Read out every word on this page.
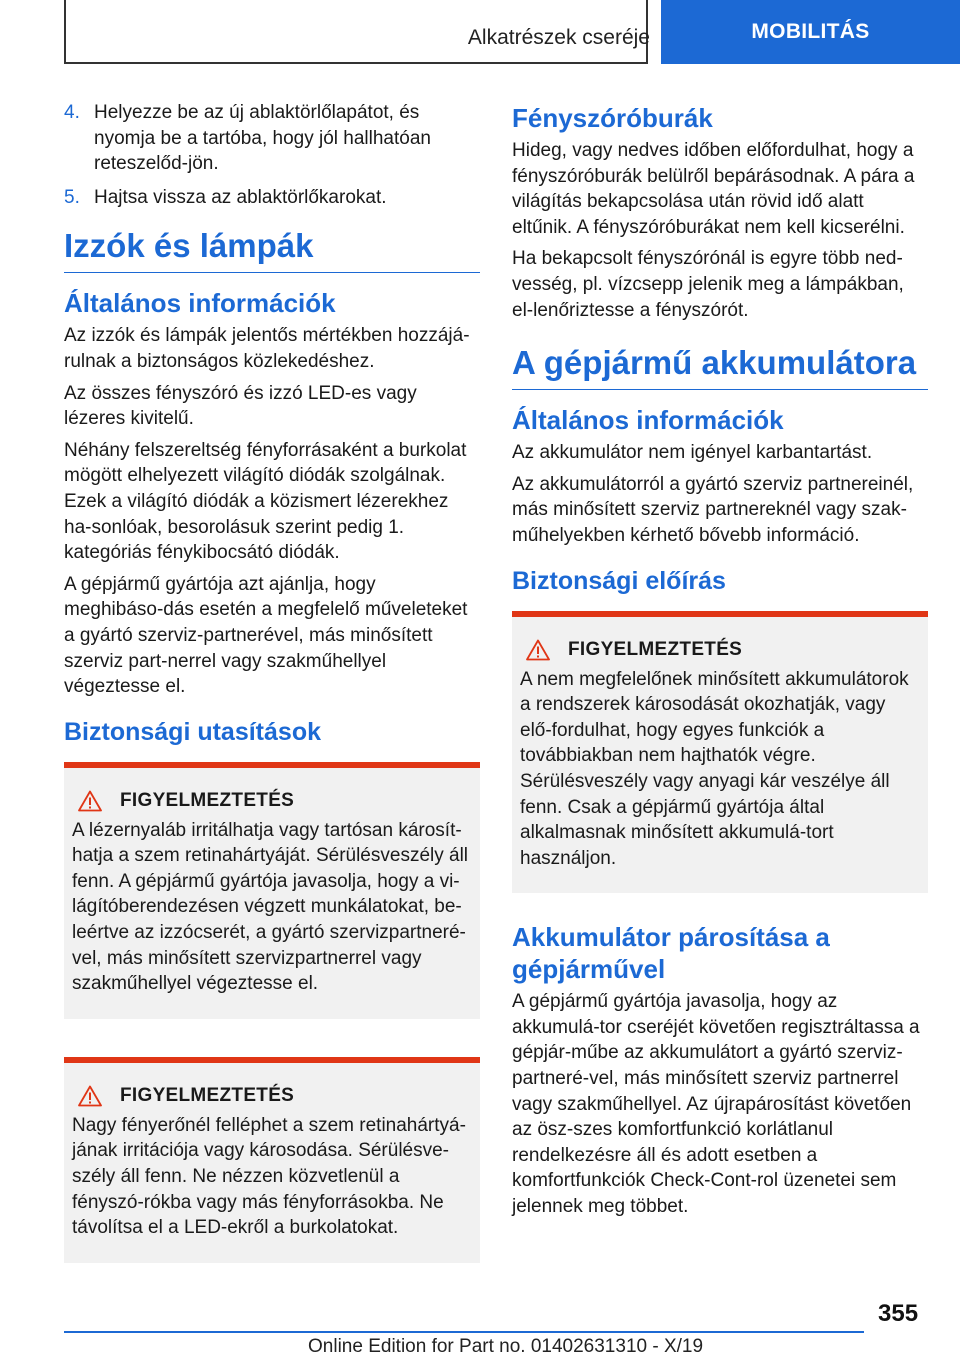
Alkatrészek cseréje	MOBILITÁS
4. Helyezze be az új ablaktörlőlapátot, és nyomja be a tartóba, hogy jól hallhatóan reteszelőd-jön.
5. Hajtsa vissza az ablaktörlőkarokat.
Izzók és lámpák
Általános információk

Az izzók és lámpák jelentős mértékben hozzájá-rulnak a biztonságos közlekedéshez.

Az összes fényszóró és izzó LED-es vagy lézeres kivitelű.

Néhány felszereltség fényforrásaként a burkolat mögött elhelyezett világító diódák szolgálnak. Ezek a világító diódák a közismert lézerekhez ha-sonlóak, besorolásuk szerint pedig 1. kategóriás fénykibocsátó diódák.

A gépjármű gyártója azt ajánlja, hogy meghibáso-dás esetén a megfelelő műveleteket a gyártó szerviz-partnerével, más minősített szerviz part-nerrel vagy szakműhellyel végeztesse el.

Biztonsági utasítások
FIGYELMEZTETÉS

A lézernyaláb irritálhatja vagy tartósan károsít-hatja a szem retinahártyáját. Sérülésveszély áll fenn. A gépjármű gyártója javasolja, hogy a vi-lágítóberendezésen végzett munkálatokat, be-leértve az izzócserét, a gyártó szervizpartneré-vel, más minősített szervizpartnerrel vagy szakműhellyel végeztesse el.

FIGYELMEZTETÉS

Nagy fényerőnél felléphet a szem retinahártyá-jának irritációja vagy károsodása. Sérülésve-szély áll fenn. Ne nézzen közvetlenül a fényszó-rókba vagy más fényforrásokba. Ne távolítsa el a LED-ekről a burkolatokat.

Fényszóróburák

Hideg, vagy nedves időben előfordulhat, hogy a fényszóróburák belülről bepárásodnak. A pára a világítás bekapcsolása után rövid idő alatt eltűnik. A fényszóróburákat nem kell kicserélni.

Ha bekapcsolt fényszórónál is egyre több ned-vesség, pl. vízcsepp jelenik meg a lámpákban, el-lenőriztesse a fényszórót.

A gépjármű akkumulátora
Általános információk

Az akkumulátor nem igényel karbantartást.

Az akkumulátorról a gyártó szerviz partnereinél, más minősített szerviz partnereknél vagy szak-műhelyekben kérhető bővebb információ.

Biztonsági előírás
FIGYELMEZTETÉS

A nem megfelelőnek minősített akkumulátorok a rendszerek károsodását okozhatják, vagy elő-fordulhat, hogy egyes funkciók a továbbiakban nem hajthatók végre. Sérülésveszély vagy anyagi kár veszélye áll fenn. Csak a gépjármű gyártója által alkalmasnak minősített akkumulá-tort használjon.

Akkumulátor párosítása a gépjárművel

A gépjármű gyártója javasolja, hogy az akkumulá-tor cseréjét követően regisztráltassa a gépjár-műbe az akkumulátort a gyártó szerviz-partneré-vel, más minősített szerviz partnerrel vagy szakműhellyel. Az újrapárosítást követően az ösz-szes komfortfunkció korlátlanul rendelkezésre áll és adott esetben a komfortfunkciók Check-Cont-rol üzenetei sem jelennek meg többet.

355
Online Edition for Part no. 01402631310 - X/19
